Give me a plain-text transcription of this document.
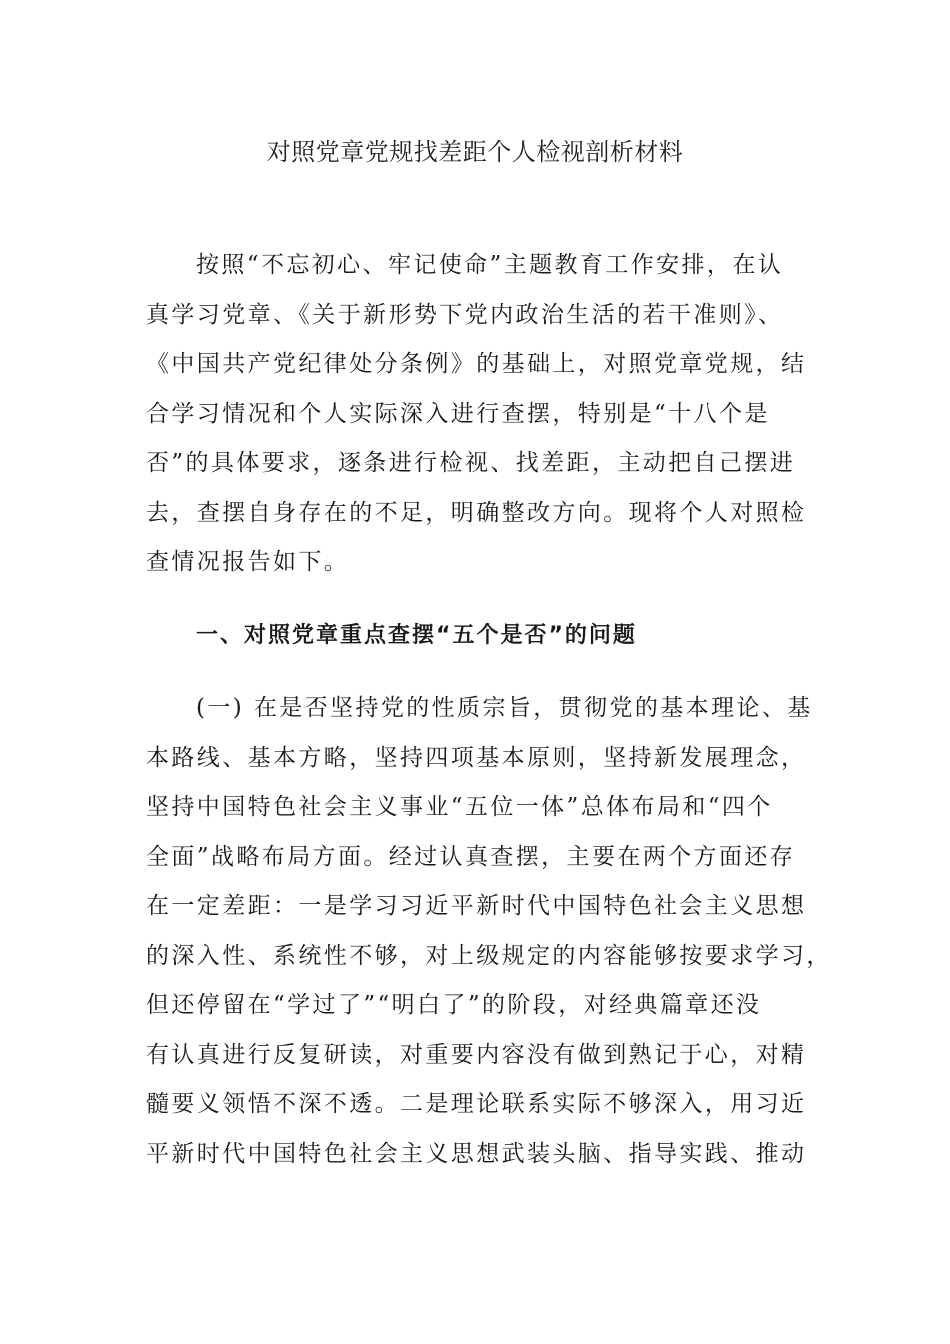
对照党章党规找差距个人检视剖析材料
按照“不忘初心、牢记使命”主题教育工作安排，在认
真学习党章、《关于新形势下党内政治生活的若干准则》、
《中国共产党纪律处分条例》的基础上，对照党章党规，结
合学习情况和个人实际深入进行查摆，特别是“十八个是
否”的具体要求，逐条进行检视、找差距，主动把自己摆进
去，查摆自身存在的不足，明确整改方向。现将个人对照检
查情况报告如下。
一、对照党章重点查摆“五个是否”的问题
(一) 在是否坚持党的性质宗旨，贯彻党的基本理论、基
本路线、基本方略，坚持四项基本原则，坚持新发展理念，
坚持中国特色社会主义事业“五位一体”总体布局和“四个
全面”战略布局方面。经过认真查摆，主要在两个方面还存
在一定差距：一是学习习近平新时代中国特色社会主义思想
的深入性、系统性不够，对上级规定的内容能够按要求学习，
但还停留在“学过了”“明白了”的阶段，对经典篇章还没
有认真进行反复研读，对重要内容没有做到熟记于心，对精
髓要义领悟不深不透。二是理论联系实际不够深入，用习近
平新时代中国特色社会主义思想武装头脑、指导实践、推动
